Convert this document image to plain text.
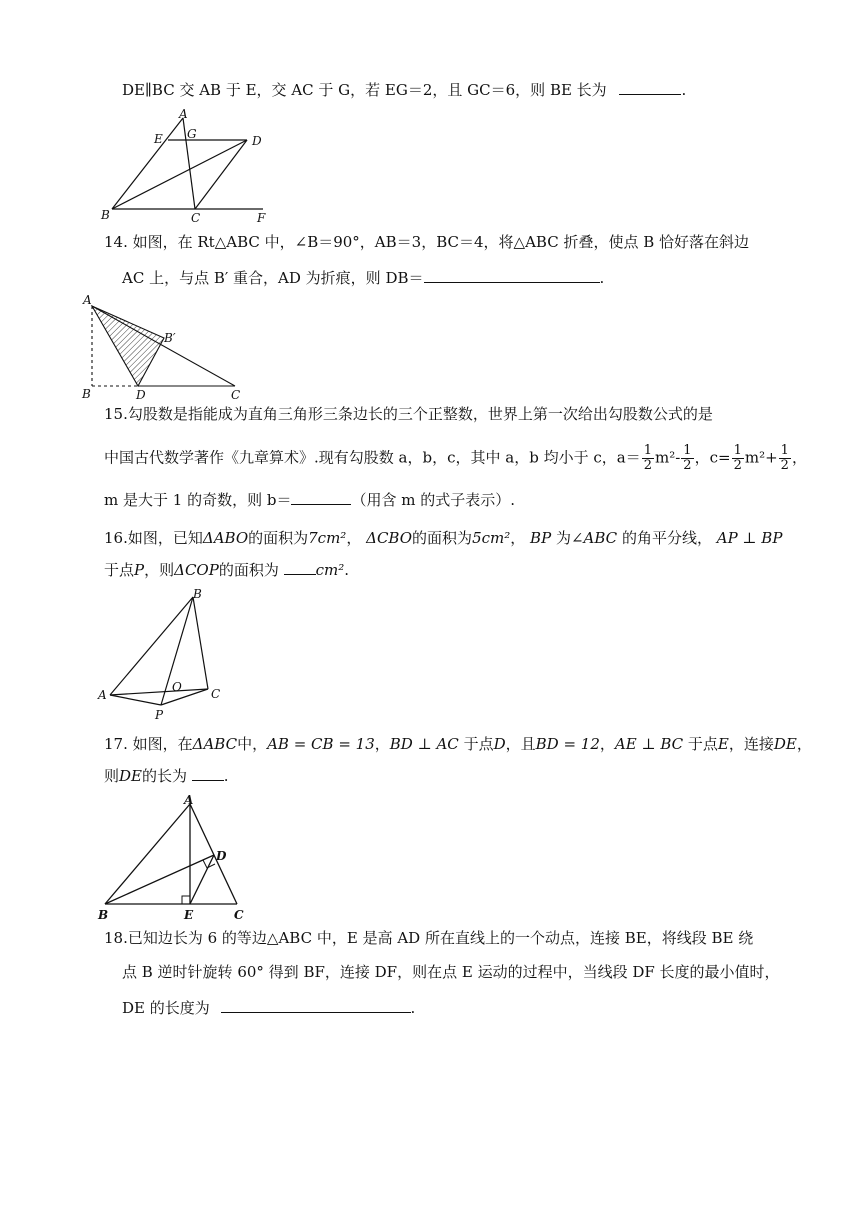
DE∥BC 交 AB 于 E，交 AC 于 G，若 EG＝2，且 GC＝6，则 BE 长为	.
A
E G	D
B	C	F
14. 如图，在 Rt△ABC 中，∠B＝90°，AB＝3，BC＝4，将△ABC 折叠，使点 B 恰好落在斜边
AC 上，与点 B′ 重合，AD 为折痕，则 DB＝	.
A
B′
B	D	C
15.勾股数是指能成为直角三角形三条边长的三个正整数，世界上第一次给出勾股数公式的是
中国古代数学著作《九章算术》.现有勾股数 a，b，c，其中 a，b 均小于 c，$a= \frac{1}{2} m^2- \frac{1}{2}$ ，$c= \frac{1}{2} m^2+ \frac{1}{2}$ ，
m 是大于 1 的奇数，则 b＝	（用含 m 的式子表示）.
16.如图，已知ΔABO的面积为7cm²， ΔCBO的面积为5cm²， BP 为∠ABC 的角平分线， AP ⊥ BP
于点P，则ΔCOP的面积为 cm².
B
A
O C
P
17. 如图，在ΔABC中，AB = CB = 13，BD ⊥ AC 于点D，且BD = 12，AE ⊥ BC 于点E，连接DE，
则DE的长为 .
A
D
B	E	C
18.已知边长为 6 的等边△ABC 中，E 是高 AD 所在直线上的一个动点，连接 BE，将线段 BE 绕
点 B 逆时针旋转 60° 得到 BF，连接 DF，则在点 E 运动的过程中，当线段 DF 长度的最小值时，
DE 的长度为	.
